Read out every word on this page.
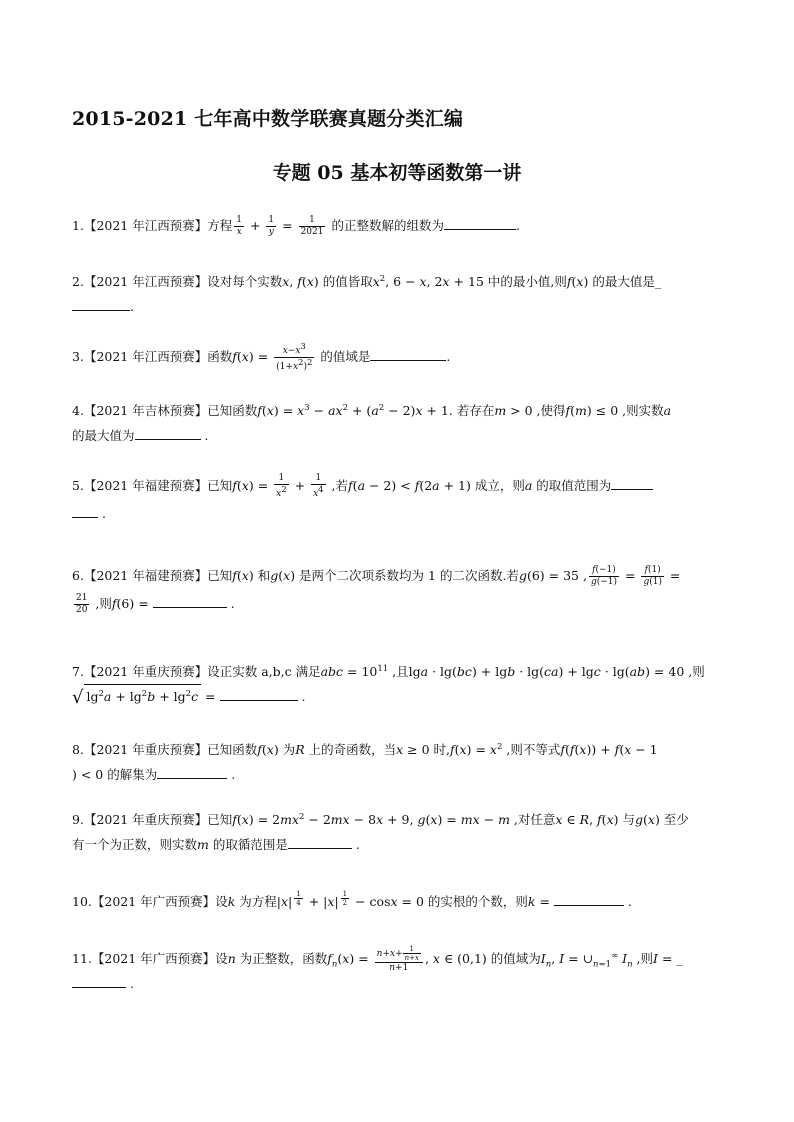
2015-2021 七年高中数学联赛真题分类汇编
专题 05 基本初等函数第一讲
1.【2021 年江西预赛】方程 $\frac{1}{x} + \frac{1}{y} = \frac{1}{2021}$ 的正整数解的组数为	.
2.【2021 年江西预赛】设对每个实数x, f(x) 的值皆取$x^2$, 6 − x, 2x + 15 中的最小值,则f(x) 的最大值是_
.
3.【2021 年江西预赛】函数$f(x) = \frac{x-x^3}{(1+x^2)^2}$ 的值域是	.
4.【2021 年吉林预赛】已知函数$f(x) = x^3 - ax^2 + (a^2 - 2)x + 1$. 若存在m > 0 ,使得f(m) ≤ 0 ,则实数a
的最大值为	.
5.【2021 年福建预赛】已知$f(x) = \frac{1}{x^2} + \frac{1}{x^4}$ ,若f(a − 2) < f(2a + 1) 成立，则a 的取值范围为
.
6.【2021 年福建预赛】已知f(x) 和g(x) 是两个二次项系数均为 1 的二次函数.若g(6) = 35 , $\frac{f(-1)}{g(-1)} = \frac{f(1)}{g(1)}$ =
$\frac{21}{20}$ ,则f(6) =	.
7.【2021 年重庆预赛】设正实数 a,b,c 满足abc = $10^{11}$ ,且lga · lg(bc) + lgb · lg(ca) + lgc · lg(ab) = 40 ,则
√ $\lg^2a + \lg^2b + \lg^2c$ =	.
8.【2021 年重庆预赛】已知函数f(x) 为R 上的奇函数，当x ≥ 0 时$,f(x) = x^2$ ,则不等式f(f(x)) + f(x − 1
) < 0 的解集为	.
9.【2021 年重庆预赛】已知$f(x) = 2mx^2 - 2mx - 8x + 9$, g(x) = mx − m ,对任意x ∈ R, f(x) 与g(x) 至少
有一个为正数，则实数m 的取循范围是	.
10.【2021 年广西预赛】设k 为方程|x| $^{\frac{1}{4}}$ + |x| $^{\frac{1}{2}}$ − cosx = 0 的实根的个数，则k =	.
11.【2021 年广西预赛】设n 为正整数，函数$f_n(x) = \frac{n+x+ \frac{1}{n+x}}{n+1}$ , x ∈ (0,1) 的值域为$I_n$, $I = \cup_{n=1}^\infty$ $I_n$ ,则I = _
.
